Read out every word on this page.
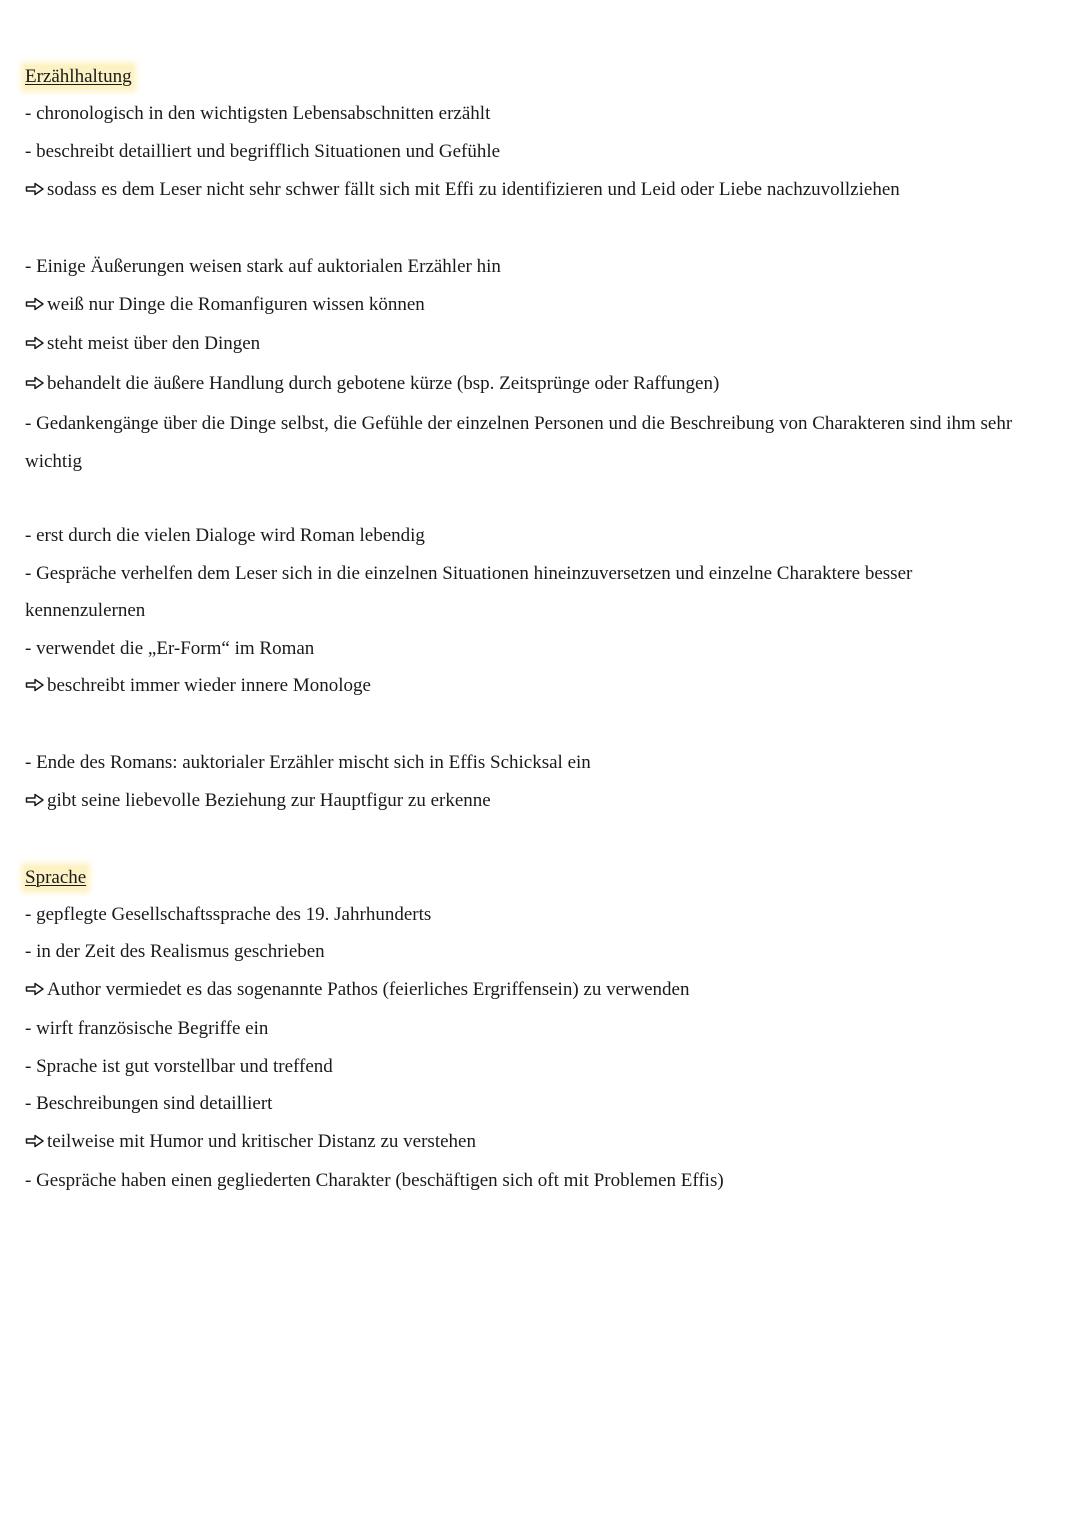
Erzählhaltung
- chronologisch in den wichtigsten Lebensabschnitten erzählt
- beschreibt detailliert und begrifflich Situationen und Gefühle
sodass es dem Leser nicht sehr schwer fällt sich mit Effi zu identifizieren und Leid oder Liebe nachzuvollziehen
- Einige Äußerungen weisen stark auf auktorialen Erzähler hin
weiß nur Dinge die Romanfiguren wissen können
steht meist über den Dingen
behandelt die äußere Handlung durch gebotene kürze (bsp. Zeitsprünge oder Raffungen)
- Gedankengänge über die Dinge selbst, die Gefühle der einzelnen Personen und die Beschreibung von Charakteren sind ihm sehr
wichtig
- erst durch die vielen Dialoge wird Roman lebendig
- Gespräche verhelfen dem Leser sich in die einzelnen Situationen hineinzuversetzen und einzelne Charaktere besser
kennenzulernen
- verwendet die „Er-Form“ im Roman
beschreibt immer wieder innere Monologe
- Ende des Romans: auktorialer Erzähler mischt sich in Effis Schicksal ein
gibt seine liebevolle Beziehung zur Hauptfigur zu erkenne
Sprache
- gepflegte Gesellschaftssprache des 19. Jahrhunderts
- in der Zeit des Realismus geschrieben
Author vermiedet es das sogenannte Pathos (feierliches Ergriffensein) zu verwenden
- wirft französische Begriffe ein
- Sprache ist gut vorstellbar und treffend
- Beschreibungen sind detailliert
teilweise mit Humor und kritischer Distanz zu verstehen
- Gespräche haben einen gegliederten Charakter (beschäftigen sich oft mit Problemen Effis)
